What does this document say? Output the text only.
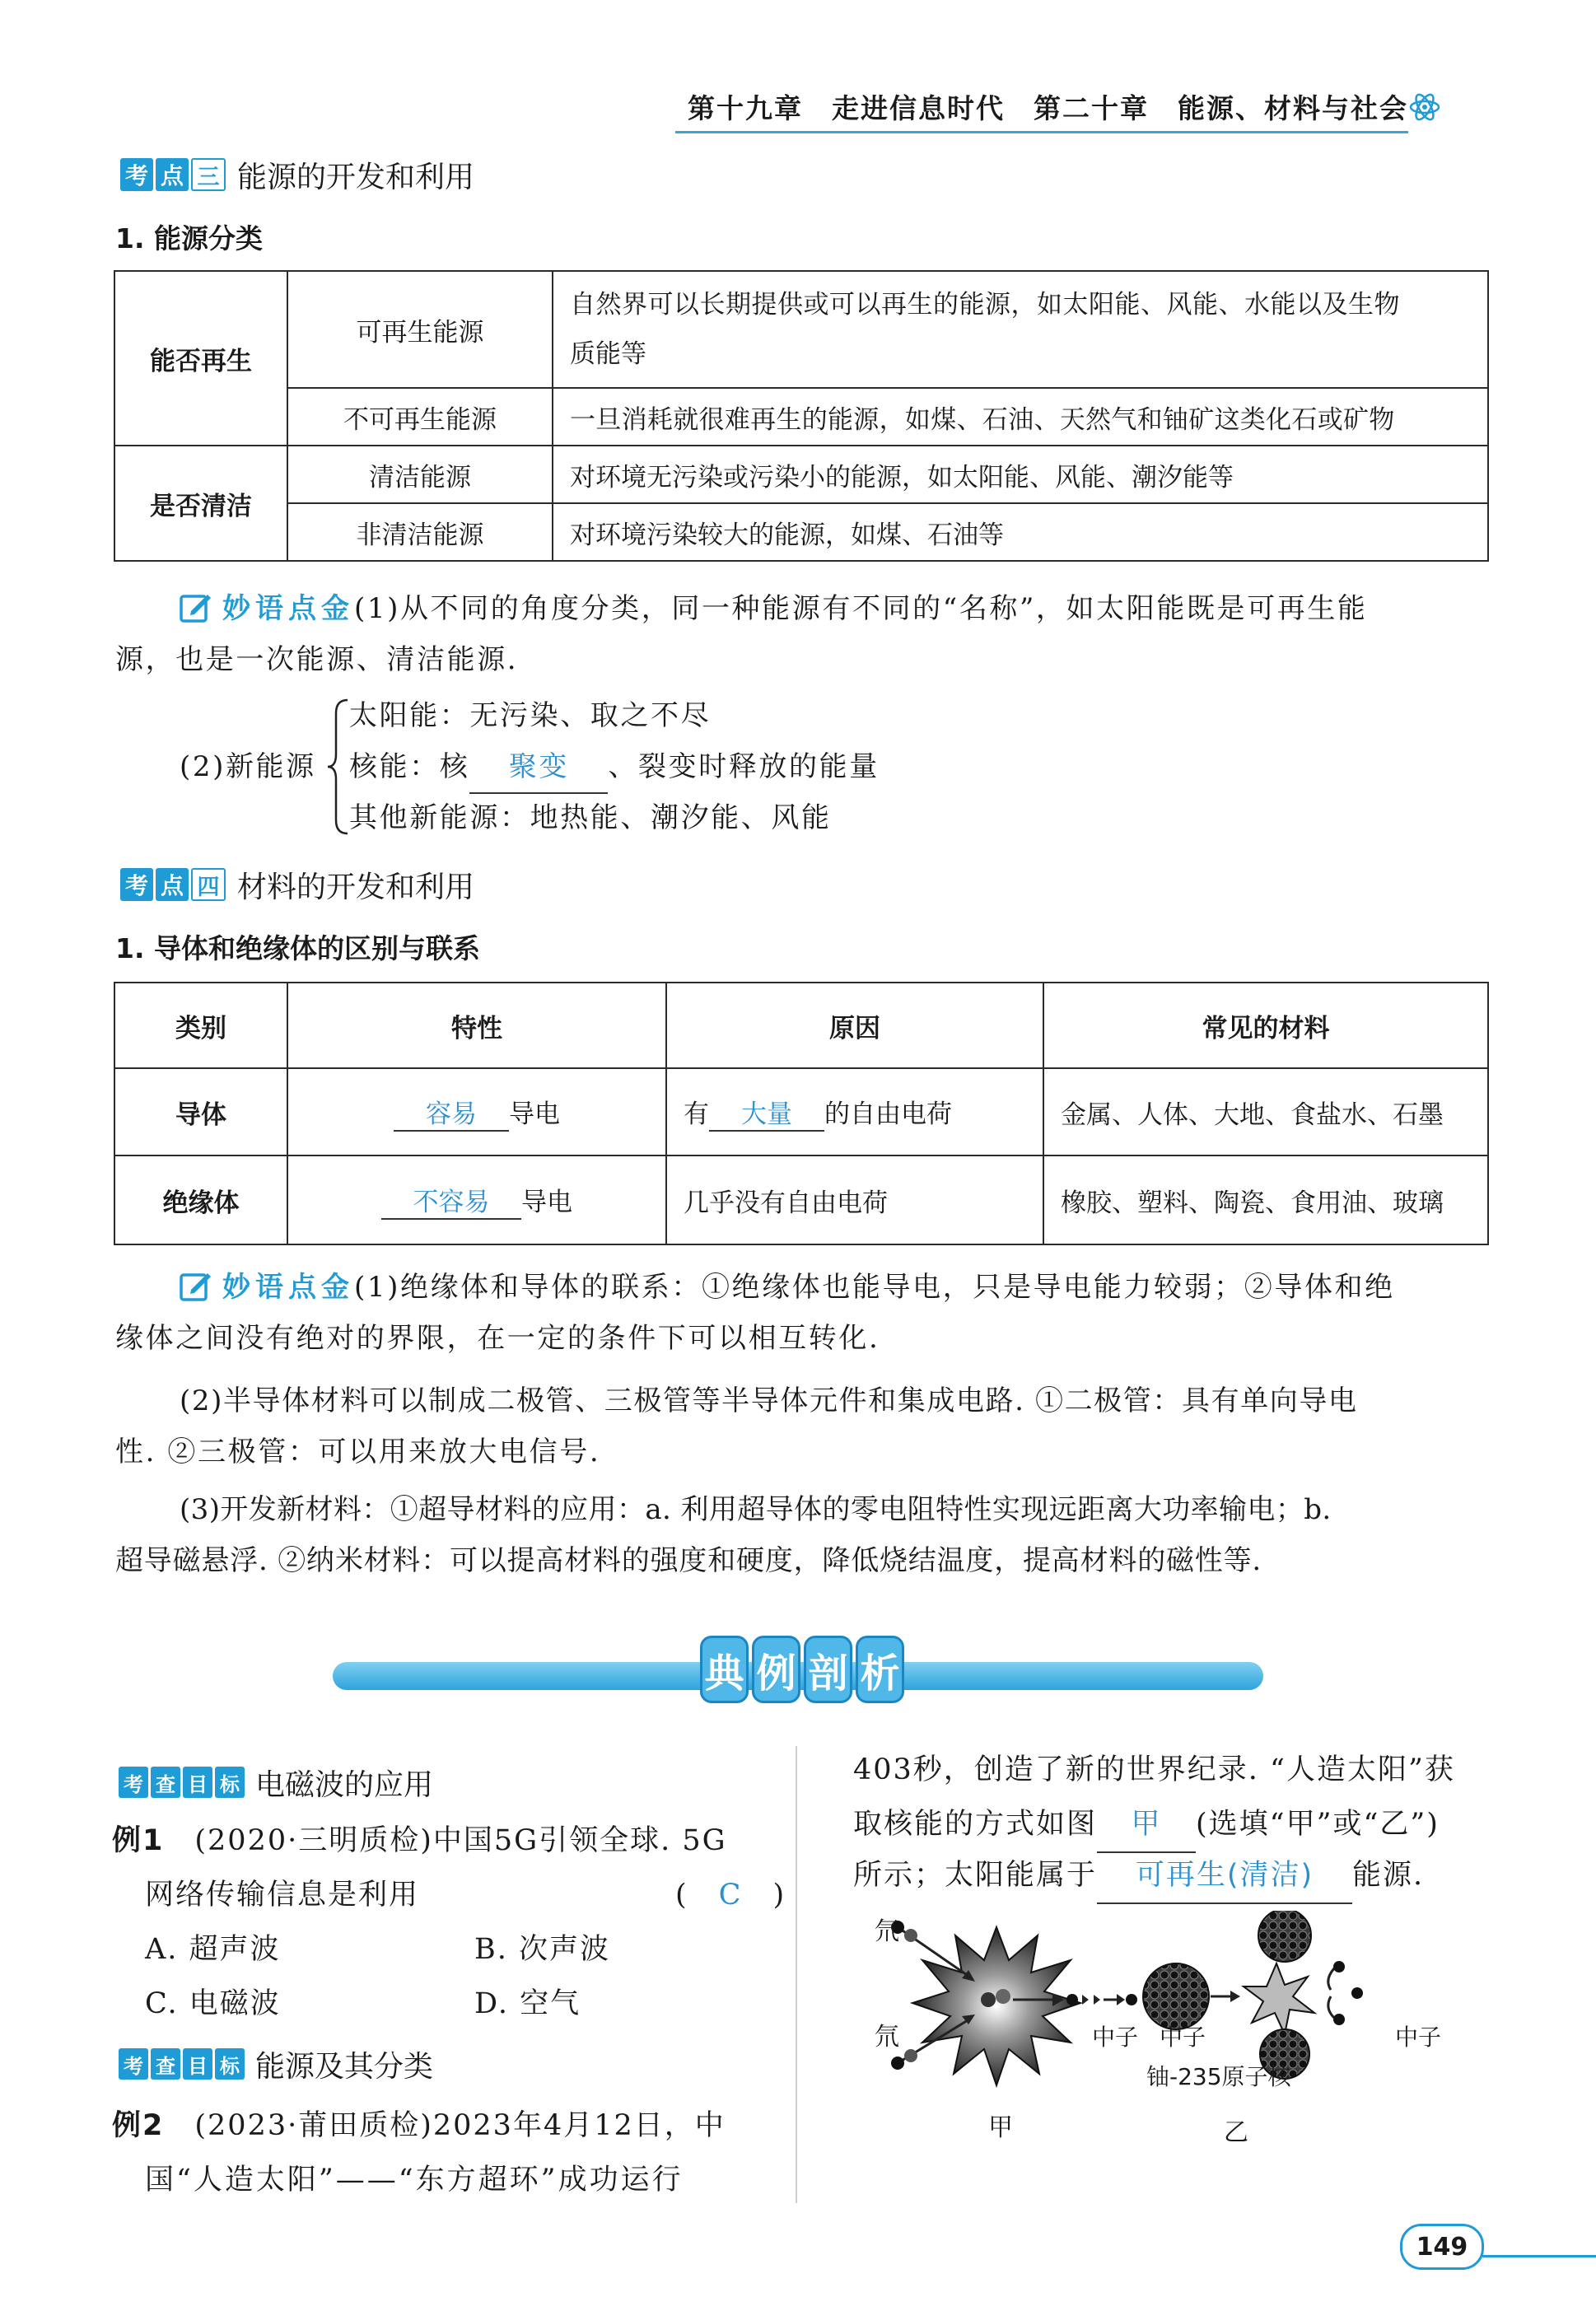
第十九章　走进信息时代　第二十章　能源、材料与社会
考 点 三 能源的开发和利用
1. 能源分类
能否再生	可再生能源	自然界可以长期提供或可以再生的能源，如太阳能、风能、水能以及生物
质能等

	不可再生能源	一旦消耗就很难再生的能源，如煤、石油、天然气和铀矿这类化石或矿物
是否清洁	清洁能源	对环境无污染或污染小的能源，如太阳能、风能、潮汐能等
	非清洁能源	对环境污染较大的能源，如煤、石油等
妙语点金(1)从不同的角度分类，同一种能源有不同的“名称”，如太阳能既是可再生能
源，也是一次能源、清洁能源.
(2)新能源
太阳能：无污染、取之不尽
核能：核 聚变 、裂变时释放的能量
其他新能源：地热能、潮汐能、风能
考 点 四 材料的开发和利用
1. 导体和绝缘体的区别与联系
类别	特性	原因	常见的材料
导体	容易 导电	有 大量 的自由电荷	金属、人体、大地、食盐水、石墨
绝缘体	不容易 导电	几乎没有自由电荷	橡胶、塑料、陶瓷、食用油、玻璃
妙语点金(1)绝缘体和导体的联系：①绝缘体也能导电，只是导电能力较弱；②导体和绝
缘体之间没有绝对的界限，在一定的条件下可以相互转化.
(2)半导体材料可以制成二极管、三极管等半导体元件和集成电路. ①二极管：具有单向导电
性. ②三极管：可以用来放大电信号.
(3)开发新材料：①超导材料的应用：a. 利用超导体的零电阻特性实现远距离大功率输电；b.
超导磁悬浮. ②纳米材料：可以提高材料的强度和硬度，降低烧结温度，提高材料的磁性等.
典 例 剖 析
考 查 目 标 电磁波的应用
例1　 (2020·三明质检)中国5G引领全球. 5G
网络传输信息是利用	(　C　)
A. 超声波	B. 次声波
C. 电磁波	D. 空气
考 查 目 标 能源及其分类
例2　 (2023·莆田质检)2023年4月12日，中
国“人造太阳”——“东方超环”成功运行
403秒，创造了新的世界纪录. “人造太阳”获
取核能的方式如图 甲 (选填“甲”或“乙”)
所示；太阳能属于 可再生(清洁) 能源.
氘
氘	中子 中子	中子
铀-235原子核
甲	乙
149
